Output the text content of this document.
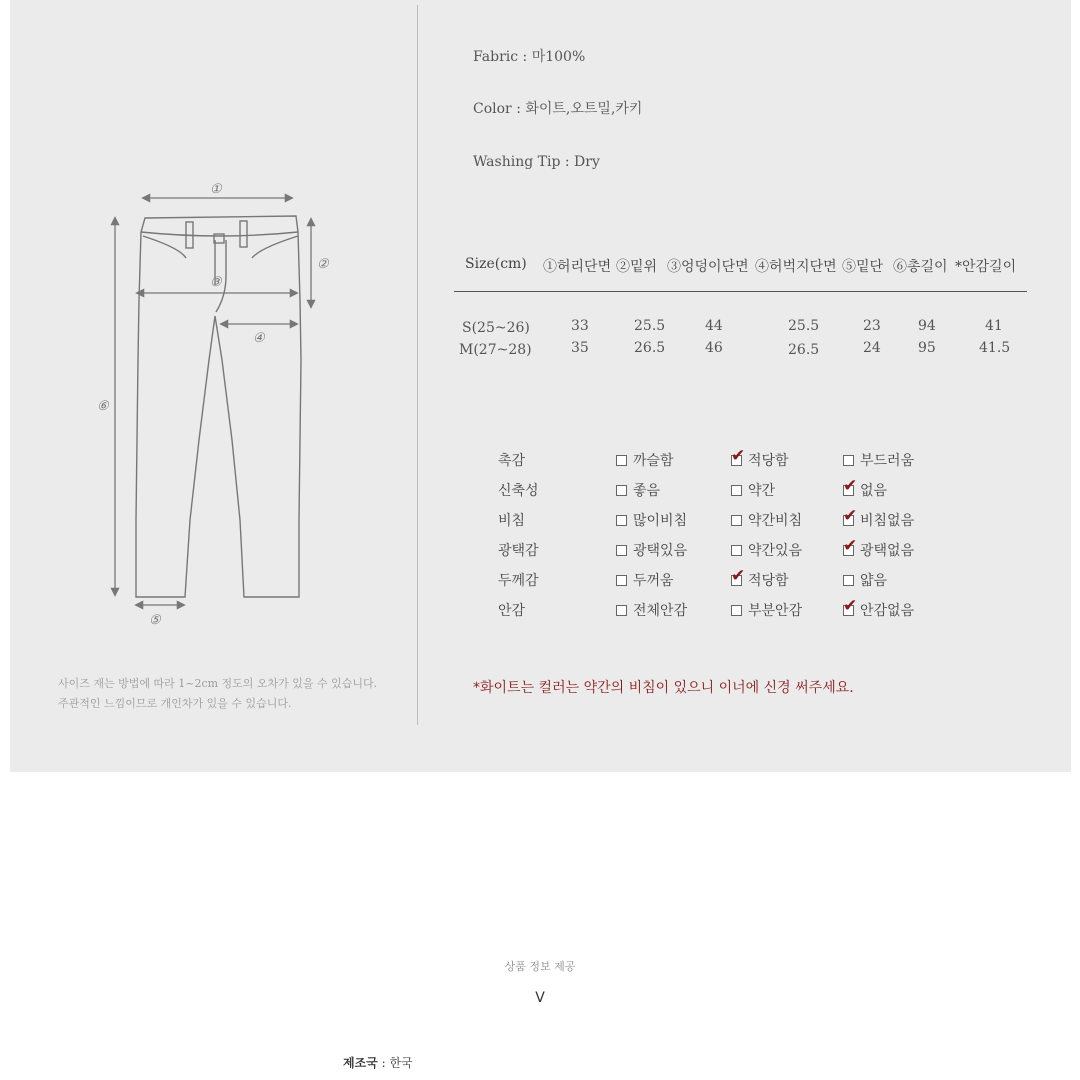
①
②
③
④
⑤
⑥
사이즈 재는 방법에 따라 1~2cm 정도의 오차가 있을 수 있습니다.
주관적인 느낌이므로 개인차가 있을 수 있습니다.
Fabric : 마100%
Color : 화이트,오트밀,카키
Washing Tip : Dry
Size(cm) ①허리단면 ②밑위 ③엉덩이단면 ④허벅지단면 ⑤밑단 ⑥총길이 *안감길이
S(25~26)	33	25.5	44	25.5	23	94	41
M(27~28)	35	26.5	46	26.5	24	95	41.5
촉감	까슬함	✔ 적당함	부드러움
신축성	좋음	약간	✔ 없음
비침	많이비침	약간비침 ✔ 비침없음
광택감	광택있음	약간있음 ✔ 광택없음
두께감	두꺼움	✔ 적당함	얇음
안감	전체안감	부분안감 ✔ 안감없음
*화이트는 컬러는 약간의 비침이 있으니 이너에 신경 써주세요.
상품 정보 제공
V
제조국 : 한국
